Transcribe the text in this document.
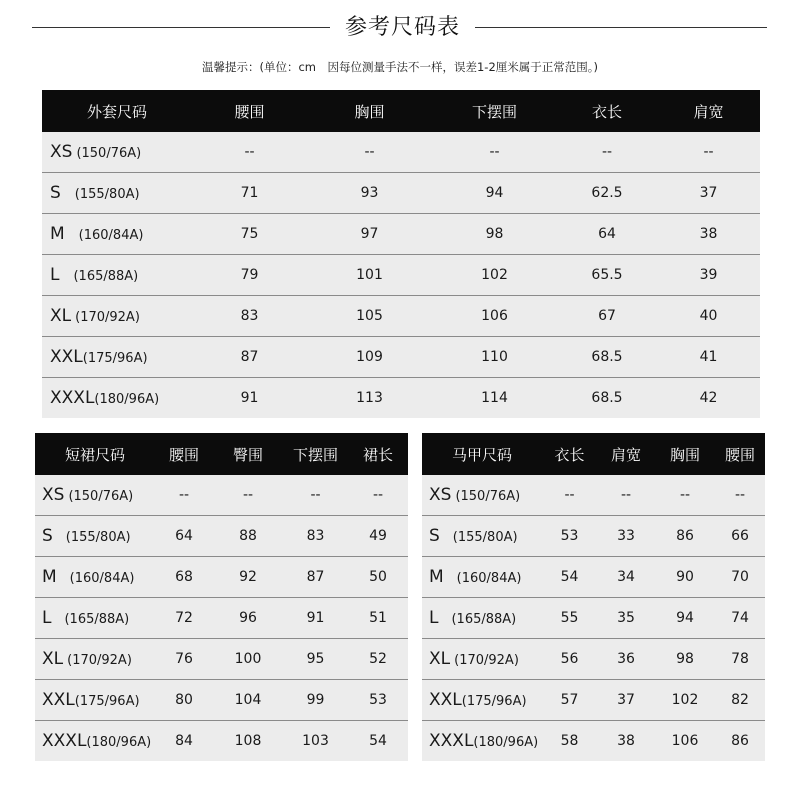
参考尺码表
温馨提示：(单位：cm　因每位测量手法不一样，误差1-2厘米属于正常范围。)
外套尺码	腰围	胸围	下摆围	衣长	肩宽
XS (150/76A)	--	--	--	--	--
S (155/80A)	71	93	94	62.5	37
M (160/84A)	75	97	98	64	38
L (165/88A)	79	101	102	65.5	39
XL (170/92A)	83	105	106	67	40
XXL(175/96A)	87	109	110	68.5	41
XXXL(180/96A)	91	113	114	68.5	42
短裙尺码	腰围	臀围	下摆围	裙长
XS (150/76A)	--	--	--	--
S (155/80A)	64	88	83	49
M (160/84A)	68	92	87	50
L (165/88A)	72	96	91	51
XL (170/92A)	76	100	95	52
XXL(175/96A)	80	104	99	53
XXXL(180/96A)	84	108	103	54
马甲尺码	衣长	肩宽	胸围	腰围
XS (150/76A)	--	--	--	--
S (155/80A)	53	33	86	66
M (160/84A)	54	34	90	70
L (165/88A)	55	35	94	74
XL (170/92A)	56	36	98	78
XXL(175/96A)	57	37	102	82
XXXL(180/96A)	58	38	106	86
